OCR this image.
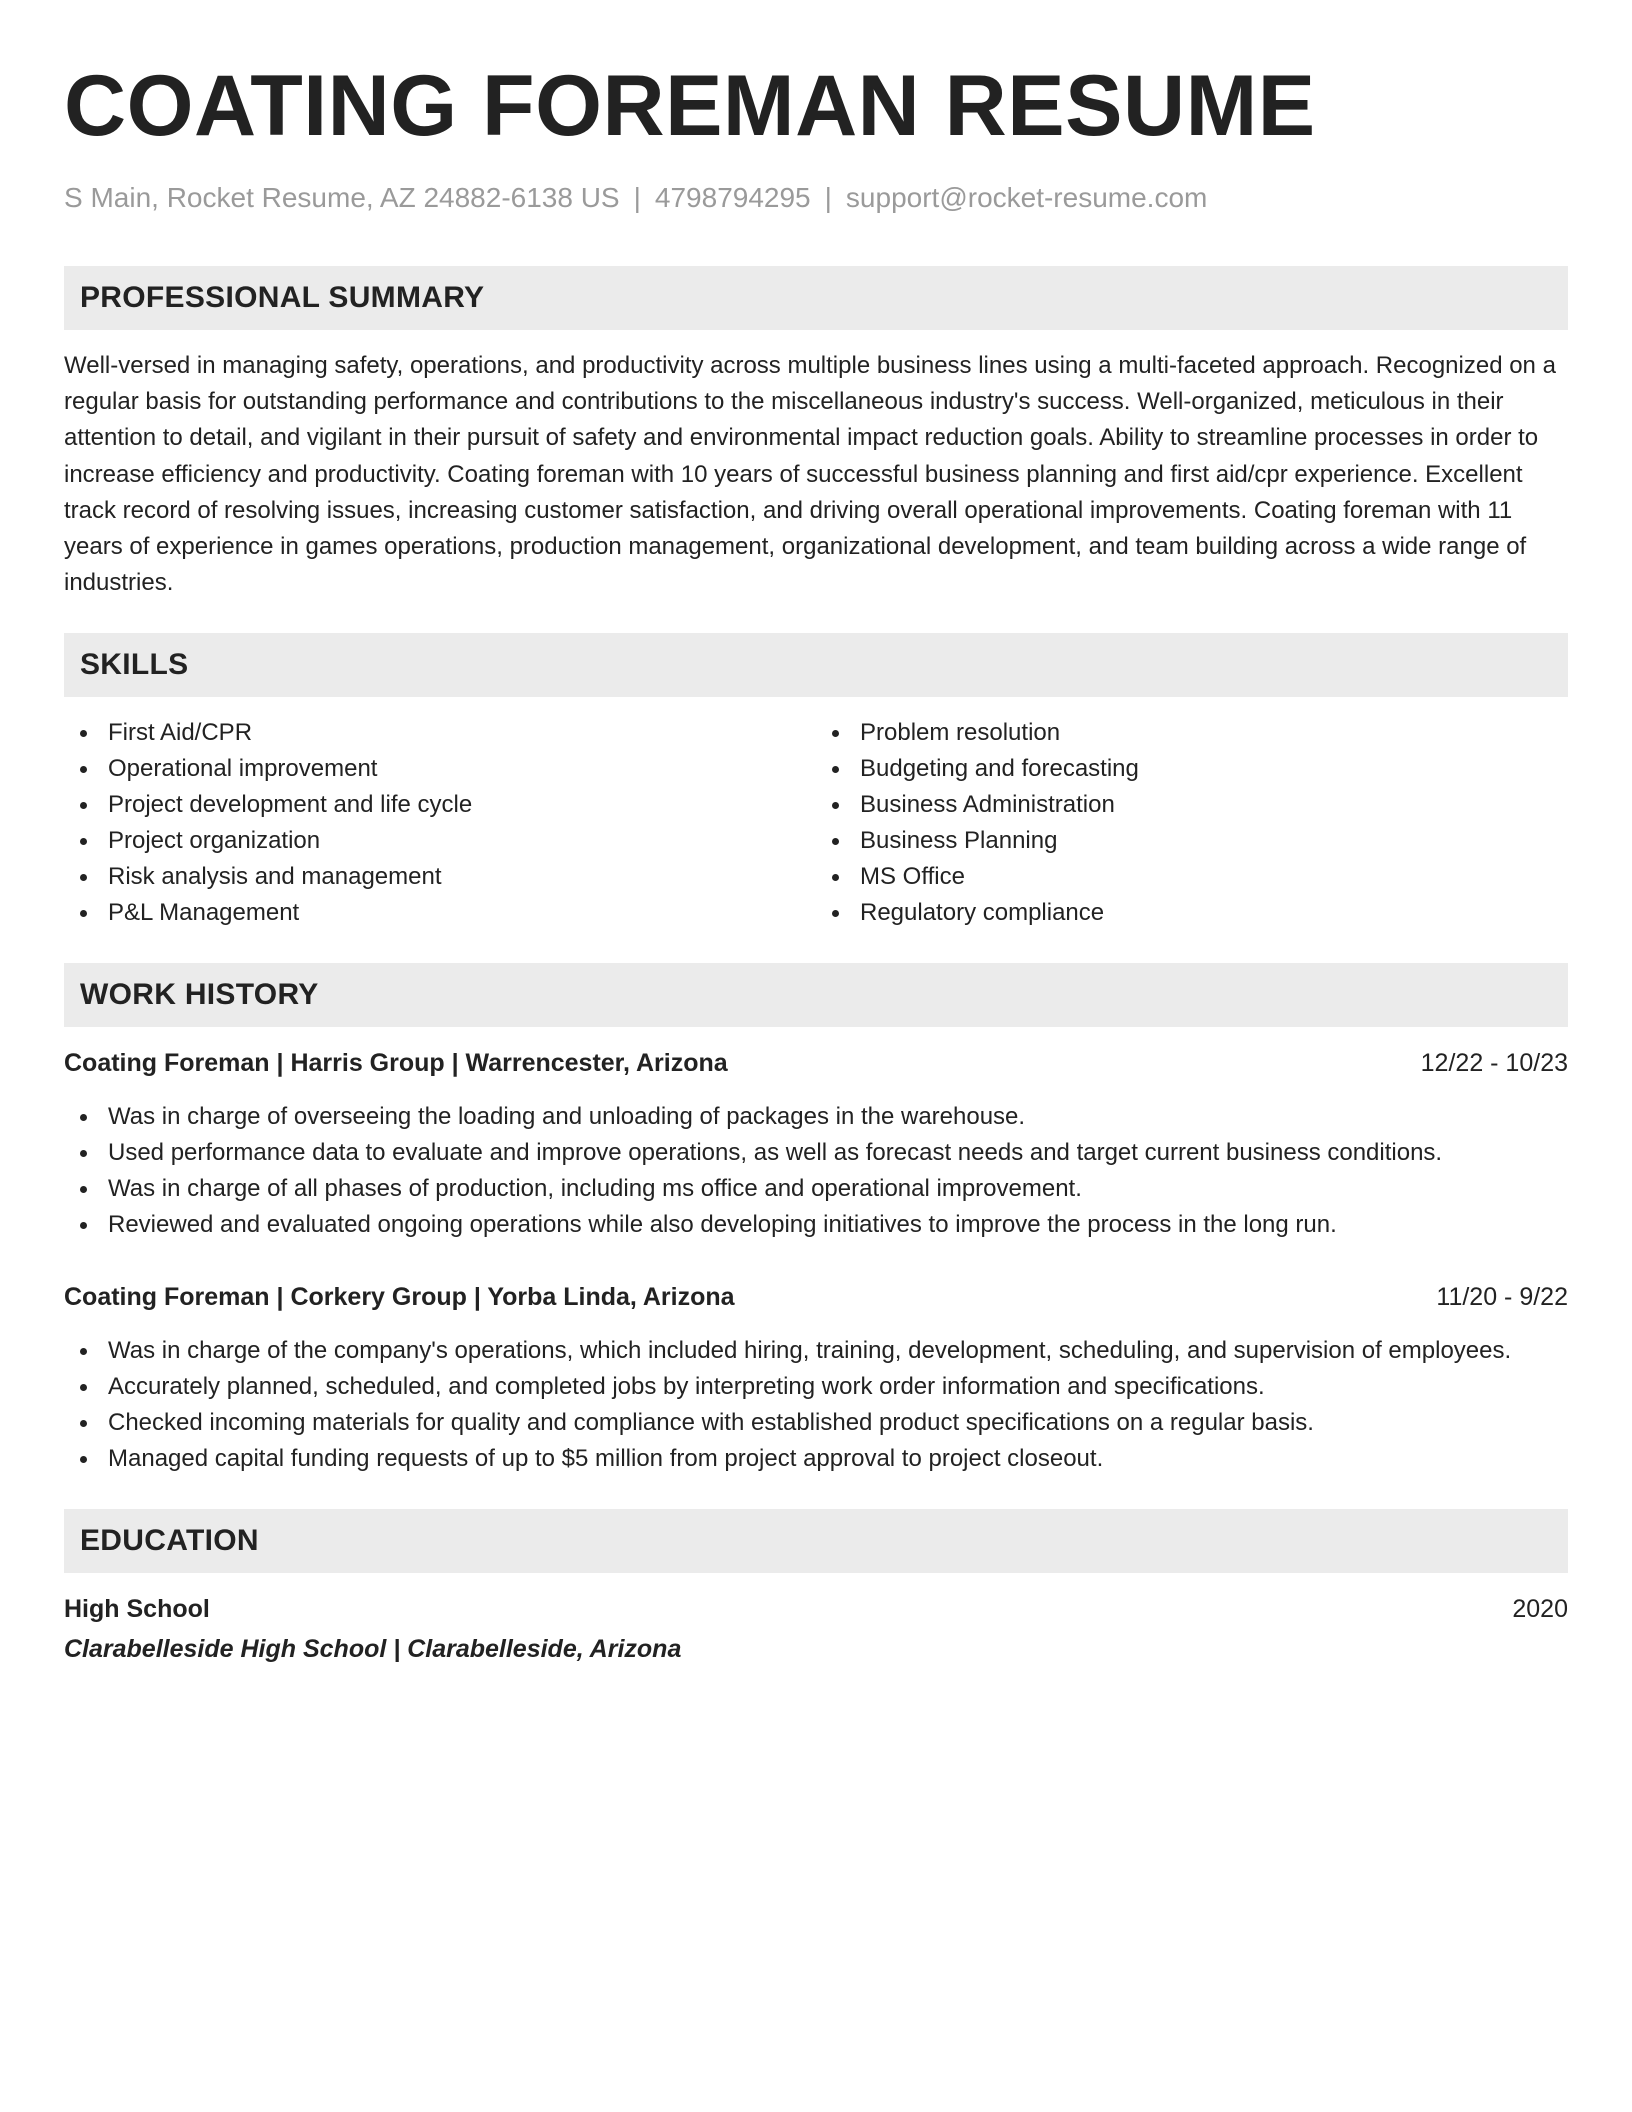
COATING FOREMAN RESUME
S Main, Rocket Resume, AZ 24882-6138 US | 4798794295 | support@rocket-resume.com
PROFESSIONAL SUMMARY

Well-versed in managing safety, operations, and productivity across multiple business lines using a multi-faceted approach. Recognized on a regular basis for outstanding performance and contributions to the miscellaneous industry's success. Well-organized, meticulous in their attention to detail, and vigilant in their pursuit of safety and environmental impact reduction goals. Ability to streamline processes in order to increase efficiency and productivity. Coating foreman with 10 years of successful business planning and first aid/cpr experience. Excellent track record of resolving issues, increasing customer satisfaction, and driving overall operational improvements. Coating foreman with 11 years of experience in games operations, production management, organizational development, and team building across a wide range of industries.

SKILLS
First Aid/CPR
Operational improvement
Project development and life cycle
Project organization
Risk analysis and management
P&L Management
Problem resolution
Budgeting and forecasting
Business Administration
Business Planning
MS Office
Regulatory compliance
WORK HISTORY
Coating Foreman | Harris Group | Warrencester, Arizona	12/22 - 10/23
Was in charge of overseeing the loading and unloading of packages in the warehouse.
Used performance data to evaluate and improve operations, as well as forecast needs and target current business conditions.
Was in charge of all phases of production, including ms office and operational improvement.
Reviewed and evaluated ongoing operations while also developing initiatives to improve the process in the long run.
Coating Foreman | Corkery Group | Yorba Linda, Arizona	11/20 - 9/22
Was in charge of the company's operations, which included hiring, training, development, scheduling, and supervision of employees.
Accurately planned, scheduled, and completed jobs by interpreting work order information and specifications.
Checked incoming materials for quality and compliance with established product specifications on a regular basis.
Managed capital funding requests of up to $5 million from project approval to project closeout.
EDUCATION
High School	2020
Clarabelleside High School | Clarabelleside, Arizona
